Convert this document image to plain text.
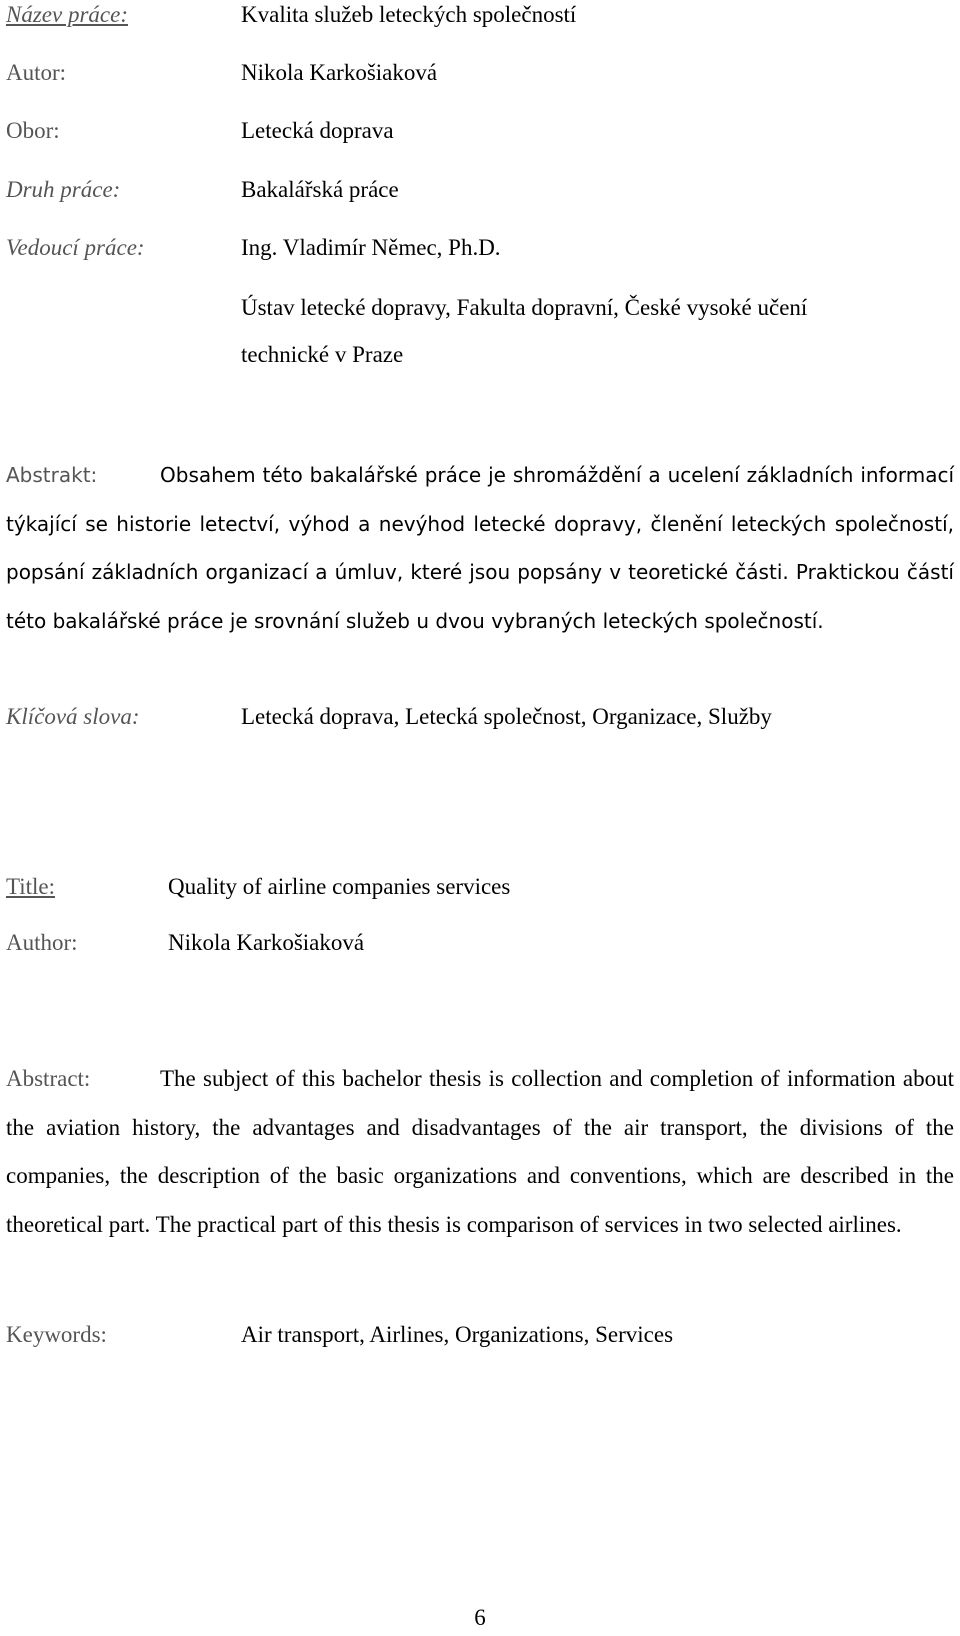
Název práce:	Kvalita služeb leteckých společností
Autor:	Nikola Karkošiaková
Obor:	Letecká doprava
Druh práce:	Bakalářská práce
Vedoucí práce:	Ing. Vladimír Němec, Ph.D.
Ústav letecké dopravy, Fakulta dopravní, České vysoké učení
technické v Praze
Abstrakt:	Obsahem této bakalářské práce je shromáždění a ucelení základních informací týkající se historie letectví, výhod a nevýhod letecké dopravy, členění leteckých společností, popsání základních organizací a úmluv, které jsou popsány v teoretické části. Praktickou částí této bakalářské práce je srovnání služeb u dvou vybraných leteckých společností.
Klíčová slova:	Letecká doprava, Letecká společnost, Organizace, Služby
Title:	Quality of airline companies services
Author:	Nikola Karkošiaková
Abstract:	The subject of this bachelor thesis is collection and completion of information about the aviation history, the advantages and disadvantages of the air transport, the divisions of the companies, the description of the basic organizations and conventions, which are described in the theoretical part. The practical part of this thesis is comparison of services in two selected airlines.
Keywords:	Air transport, Airlines, Organizations, Services
6
